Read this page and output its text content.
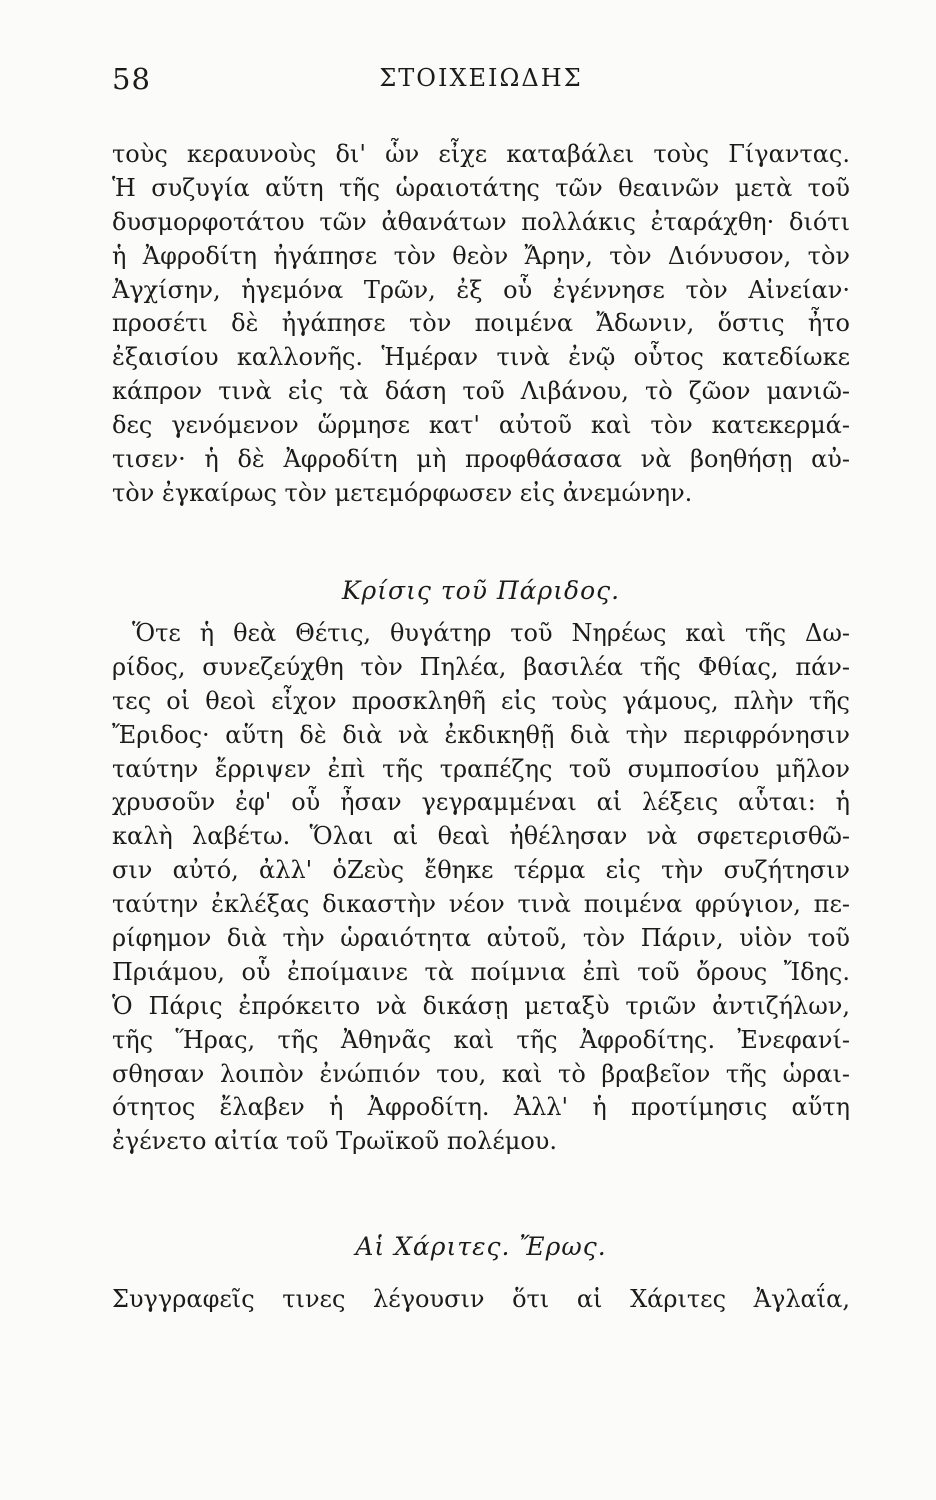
58	ΣΤΟΙΧΕΙΩΔΗΣ
τοὺς κεραυνοὺς δι' ὧν εἶχε καταβάλει τοὺς Γίγαντας.
Ἡ συζυγία αὕτη τῆς ὡραιοτάτης τῶν θεαινῶν μετὰ τοῦ
δυσμορφοτάτου τῶν ἀθανάτων πολλάκις ἐταράχθη· διότι
ἡ Ἀφροδίτη ἠγάπησε τὸν θεὸν Ἄρην, τὸν Διόνυσον, τὸν
Ἀγχίσην, ἡγεμόνα Τρῶν, ἐξ οὗ ἐγέννησε τὸν Αἰνείαν·
προσέτι δὲ ἠγάπησε τὸν ποιμένα Ἄδωνιν, ὅστις ἦτο
ἐξαισίου καλλονῆς. Ἡμέραν τινὰ ἐνῷ οὗτος κατεδίωκε
κάπρον τινὰ εἰς τὰ δάση τοῦ Λιβάνου, τὸ ζῶον μανιῶ-
δες γενόμενον ὥρμησε κατ' αὐτοῦ καὶ τὸν κατεκερμά-
τισεν· ἡ δὲ Ἀφροδίτη μὴ προφθάσασα νὰ βοηθήσῃ αὐ-
τὸν ἐγκαίρως τὸν μετεμόρφωσεν εἰς ἀνεμώνην.
Κρίσις τοῦ Πάριδος.
Ὅτε ἡ θεὰ Θέτις, θυγάτηρ τοῦ Νηρέως καὶ τῆς Δω-
ρίδος, συνεζεύχθη τὸν Πηλέα, βασιλέα τῆς Φθίας, πάν-
τες οἱ θεοὶ εἶχον προσκληθῆ εἰς τοὺς γάμους, πλὴν τῆς
Ἔριδος· αὕτη δὲ διὰ νὰ ἐκδικηθῇ διὰ τὴν περιφρόνησιν
ταύτην ἔρριψεν ἐπὶ τῆς τραπέζης τοῦ συμποσίου μῆλον
χρυσοῦν ἐφ' οὗ ἦσαν γεγραμμέναι αἱ λέξεις αὗται: ἡ
καλὴ λαβέτω. Ὅλαι αἱ θεαὶ ἠθέλησαν νὰ σφετερισθῶ-
σιν αὐτό, ἀλλ' ὁΖεὺς ἔθηκε τέρμα εἰς τὴν συζήτησιν
ταύτην ἐκλέξας δικαστὴν νέον τινὰ ποιμένα φρύγιον, πε-
ρίφημον διὰ τὴν ὡραιότητα αὐτοῦ, τὸν Πάριν, υἱὸν τοῦ
Πριάμου, οὗ ἐποίμαινε τὰ ποίμνια ἐπὶ τοῦ ὄρους Ἴδης.
Ὁ Πάρις ἐπρόκειτο νὰ δικάσῃ μεταξὺ τριῶν ἀντιζήλων,
τῆς Ἥρας, τῆς Ἀθηνᾶς καὶ τῆς Ἀφροδίτης. Ἐνεφανί-
σθησαν λοιπὸν ἐνώπιόν του, καὶ τὸ βραβεῖον τῆς ὡραι-
ότητος ἔλαβεν ἡ Ἀφροδίτη. Ἀλλ' ἡ προτίμησις αὕτη
ἐγένετο αἰτία τοῦ Τρωϊκοῦ πολέμου.
Αἱ Χάριτες. Ἔρως.
Συγγραφεῖς τινες λέγουσιν ὅτι αἱ Χάριτες Ἀγλαΐα,
